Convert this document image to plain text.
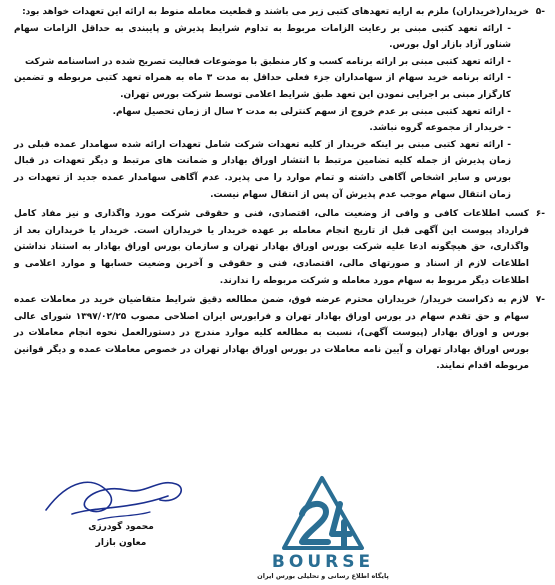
-۵
خریدار(خریداران) ملزم به ارایه تعهدهای کتبی زیر می باشند و قطعیت معامله منوط به ارائه این تعهدات خواهد بود:
- ارائه تعهد کتبی مبنی بر رعایت الزامات مربوط به تداوم شرایط پذیرش و پایبندی به حداقل الزامات سهام شناور آزاد بازار اول بورس.
- ارائه تعهد کتبی مبنی بر ارائه برنامه کسب و کار منطبق با موضوعات فعالیت تصریح شده در اساسنامه شرکت
- ارائه برنامه خرید سهام از سهامداران جزء فعلی حداقل به مدت ۳ ماه به همراه تعهد کتبی مربوطه و تضمین کارگزار مبنی بر اجرایی نمودن این تعهد طبق شرایط اعلامی توسط شرکت بورس تهران.
- ارائه تعهد کتبی مبنی بر عدم خروج از سهم کنترلی به مدت ۲ سال از زمان تحصیل سهام.
- خریدار از مجموعه گروه نباشد.
- ارائه تعهد کتبی مبنی بر اینکه خریدار از کلیه تعهدات شرکت شامل تعهدات ارائه شده سهامدار عمده قبلی در زمان پذیرش از جمله کلیه تضامین مرتبط با انتشار اوراق بهادار و ضمانت های مرتبط و دیگر تعهدات در قبال بورس و سایر اشخاص آگاهی داشته و تمام موارد را می پذیرد. عدم آگاهی سهامدار عمده جدید از تعهدات در زمان انتقال سهام موجب عدم پذیرش آن پس از انتقال سهام نیست.
-۶
کسب اطلاعات کافی و وافی از وضعیت مالی، اقتصادی، فنی و حقوقی شرکت مورد واگذاری و نیز مفاد کامل قرارداد پیوست این آگهی قبل از تاریخ انجام معامله بر عهده خریدار یا خریداران است. خریدار یا خریداران بعد از واگذاری، حق هیچگونه ادعا علیه شرکت بورس اوراق بهادار تهران و سازمان بورس اوراق بهادار به استناد نداشتن اطلاعات لازم از اسناد و صورتهای مالی، اقتصادی، فنی و حقوقی و آخرین وضعیت حسابها و موارد اعلامی و اطلاعات دیگر مربوط به سهام مورد معامله و شرکت مربوطه را ندارند.
-۷
لازم به ذکراست خریدار/ خریداران محترم عرضه فوق، ضمن مطالعه دقیق شرایط متقاضیان خرید در معاملات عمده سهام و حق تقدم سهام در بورس اوراق بهادار تهران و فرابورس ایران اصلاحی مصوب ۱۳۹۷/۰۲/۲۵ شورای عالی بورس و اوراق بهادار (پیوست آگهی)، نسبت به مطالعه کلیه موارد مندرج در دستورالعمل نحوه انجام معاملات در بورس اوراق بهادار تهران و آیین نامه معاملات در بورس اوراق بهادار تهران در خصوص معاملات عمده و دیگر قوانین مربوطه اقدام نمایند.
محمود گودرزی
معاون بازار
BOURSE
پایگاه اطلاع رسانی و تحلیلی بورس ایران
